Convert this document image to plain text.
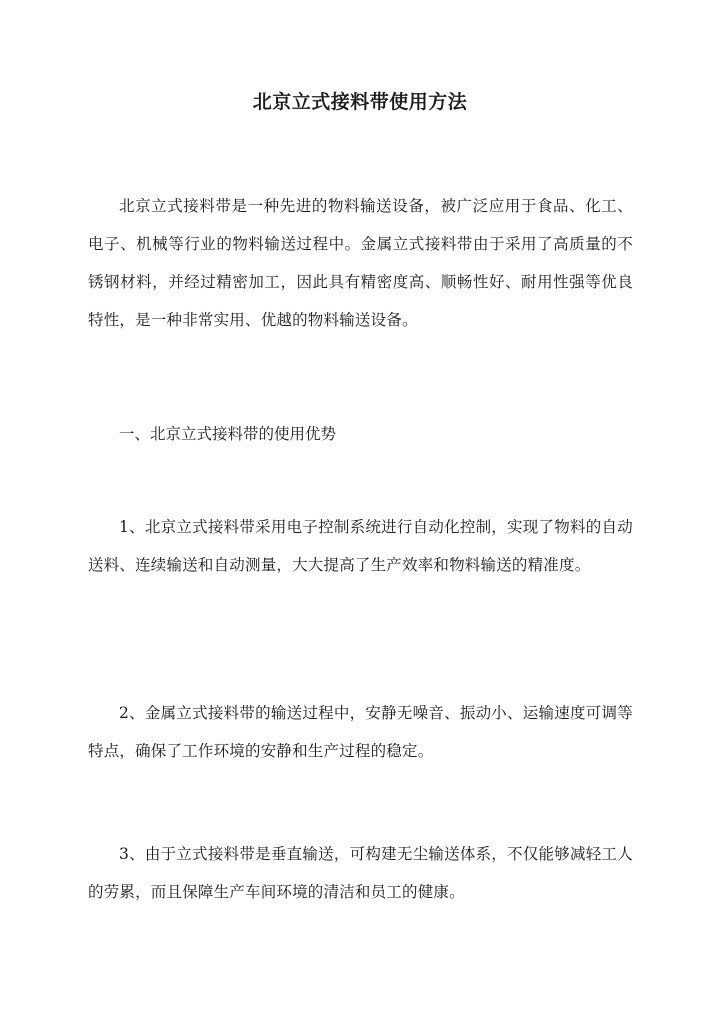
北京立式接料带使用方法
北京立式接料带是一种先进的物料输送设备，被广泛应用于食品、化工、电子、机械等行业的物料输送过程中。金属立式接料带由于采用了高质量的不锈钢材料，并经过精密加工，因此具有精密度高、顺畅性好、耐用性强等优良特性，是一种非常实用、优越的物料输送设备。
一、北京立式接料带的使用优势
1、北京立式接料带采用电子控制系统进行自动化控制，实现了物料的自动送料、连续输送和自动测量，大大提高了生产效率和物料输送的精准度。
2、金属立式接料带的输送过程中，安静无噪音、振动小、运输速度可调等特点，确保了工作环境的安静和生产过程的稳定。
3、由于立式接料带是垂直输送，可构建无尘输送体系，不仅能够减轻工人的劳累，而且保障生产车间环境的清洁和员工的健康。
